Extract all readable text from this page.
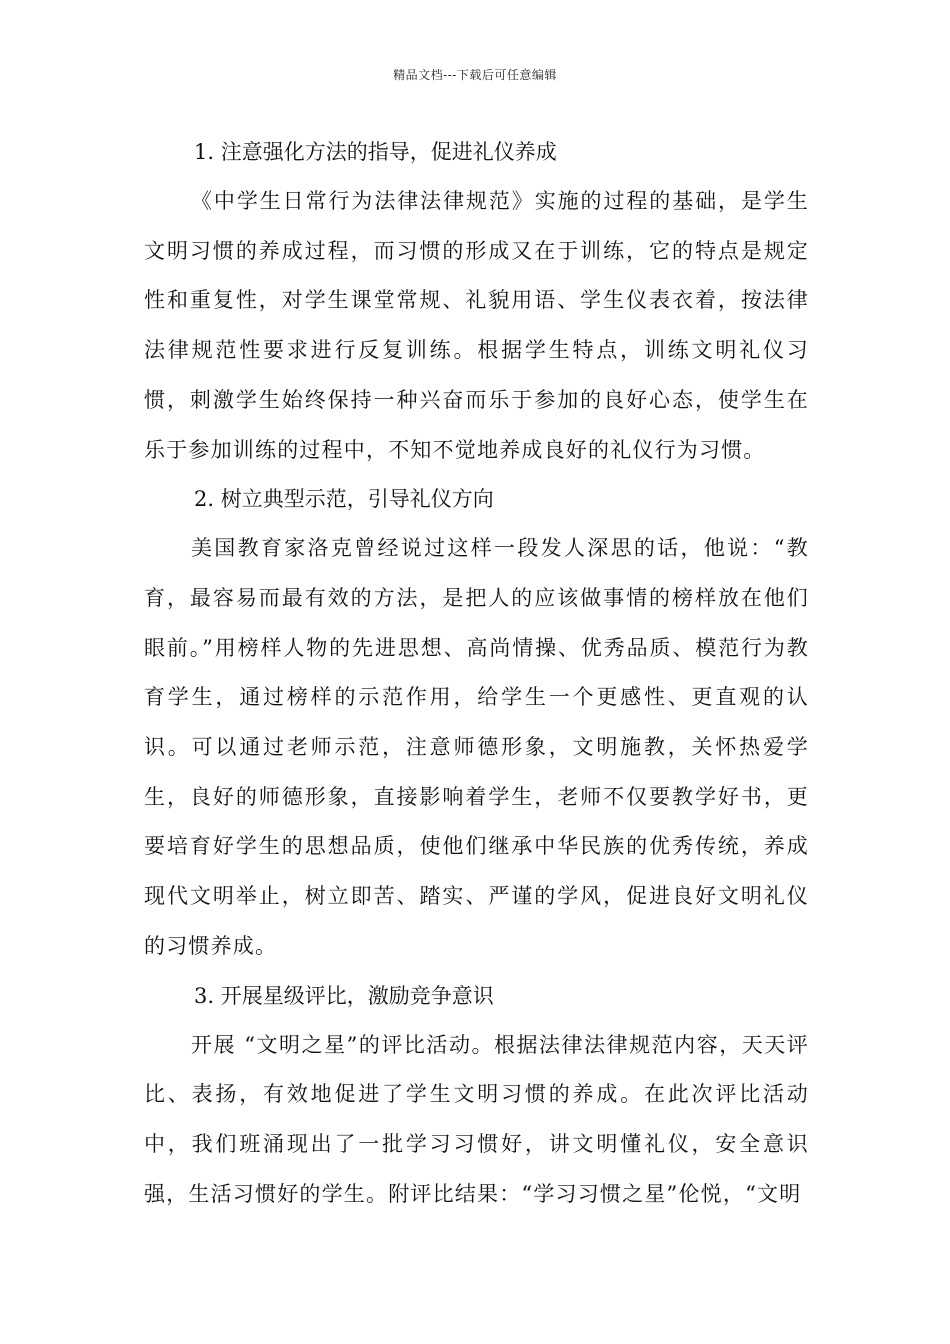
精品文档---下载后可任意编辑
1. 注意强化方法的指导，促进礼仪养成

《中学生日常行为法律法律规范》实施的过程的基础，是学生文明习惯的养成过程，而习惯的形成又在于训练，它的特点是规定性和重复性，对学生课堂常规、礼貌用语、学生仪表衣着，按法律法律规范性要求进行反复训练。根据学生特点，训练文明礼仪习惯，刺激学生始终保持一种兴奋而乐于参加的良好心态，使学生在乐于参加训练的过程中，不知不觉地养成良好的礼仪行为习惯。

2. 树立典型示范，引导礼仪方向

美国教育家洛克曾经说过这样一段发人深思的话，他说：“教育，最容易而最有效的方法，是把人的应该做事情的榜样放在他们眼前。”用榜样人物的先进思想、高尚情操、优秀品质、模范行为教育学生，通过榜样的示范作用，给学生一个更感性、更直观的认识。可以通过老师示范，注意师德形象，文明施教，关怀热爱学生，良好的师德形象，直接影响着学生，老师不仅要教学好书，更要培育好学生的思想品质，使他们继承中华民族的优秀传统，养成现代文明举止，树立即苦、踏实、严谨的学风，促进良好文明礼仪的习惯养成。

3. 开展星级评比，激励竞争意识

开展 “文明之星”的评比活动。根据法律法律规范内容，天天评比、表扬，有效地促进了学生文明习惯的养成。在此次评比活动中，我们班涌现出了一批学习习惯好，讲文明懂礼仪，安全意识强，生活习惯好的学生。附评比结果：“学习习惯之星”伦悦，“文明
